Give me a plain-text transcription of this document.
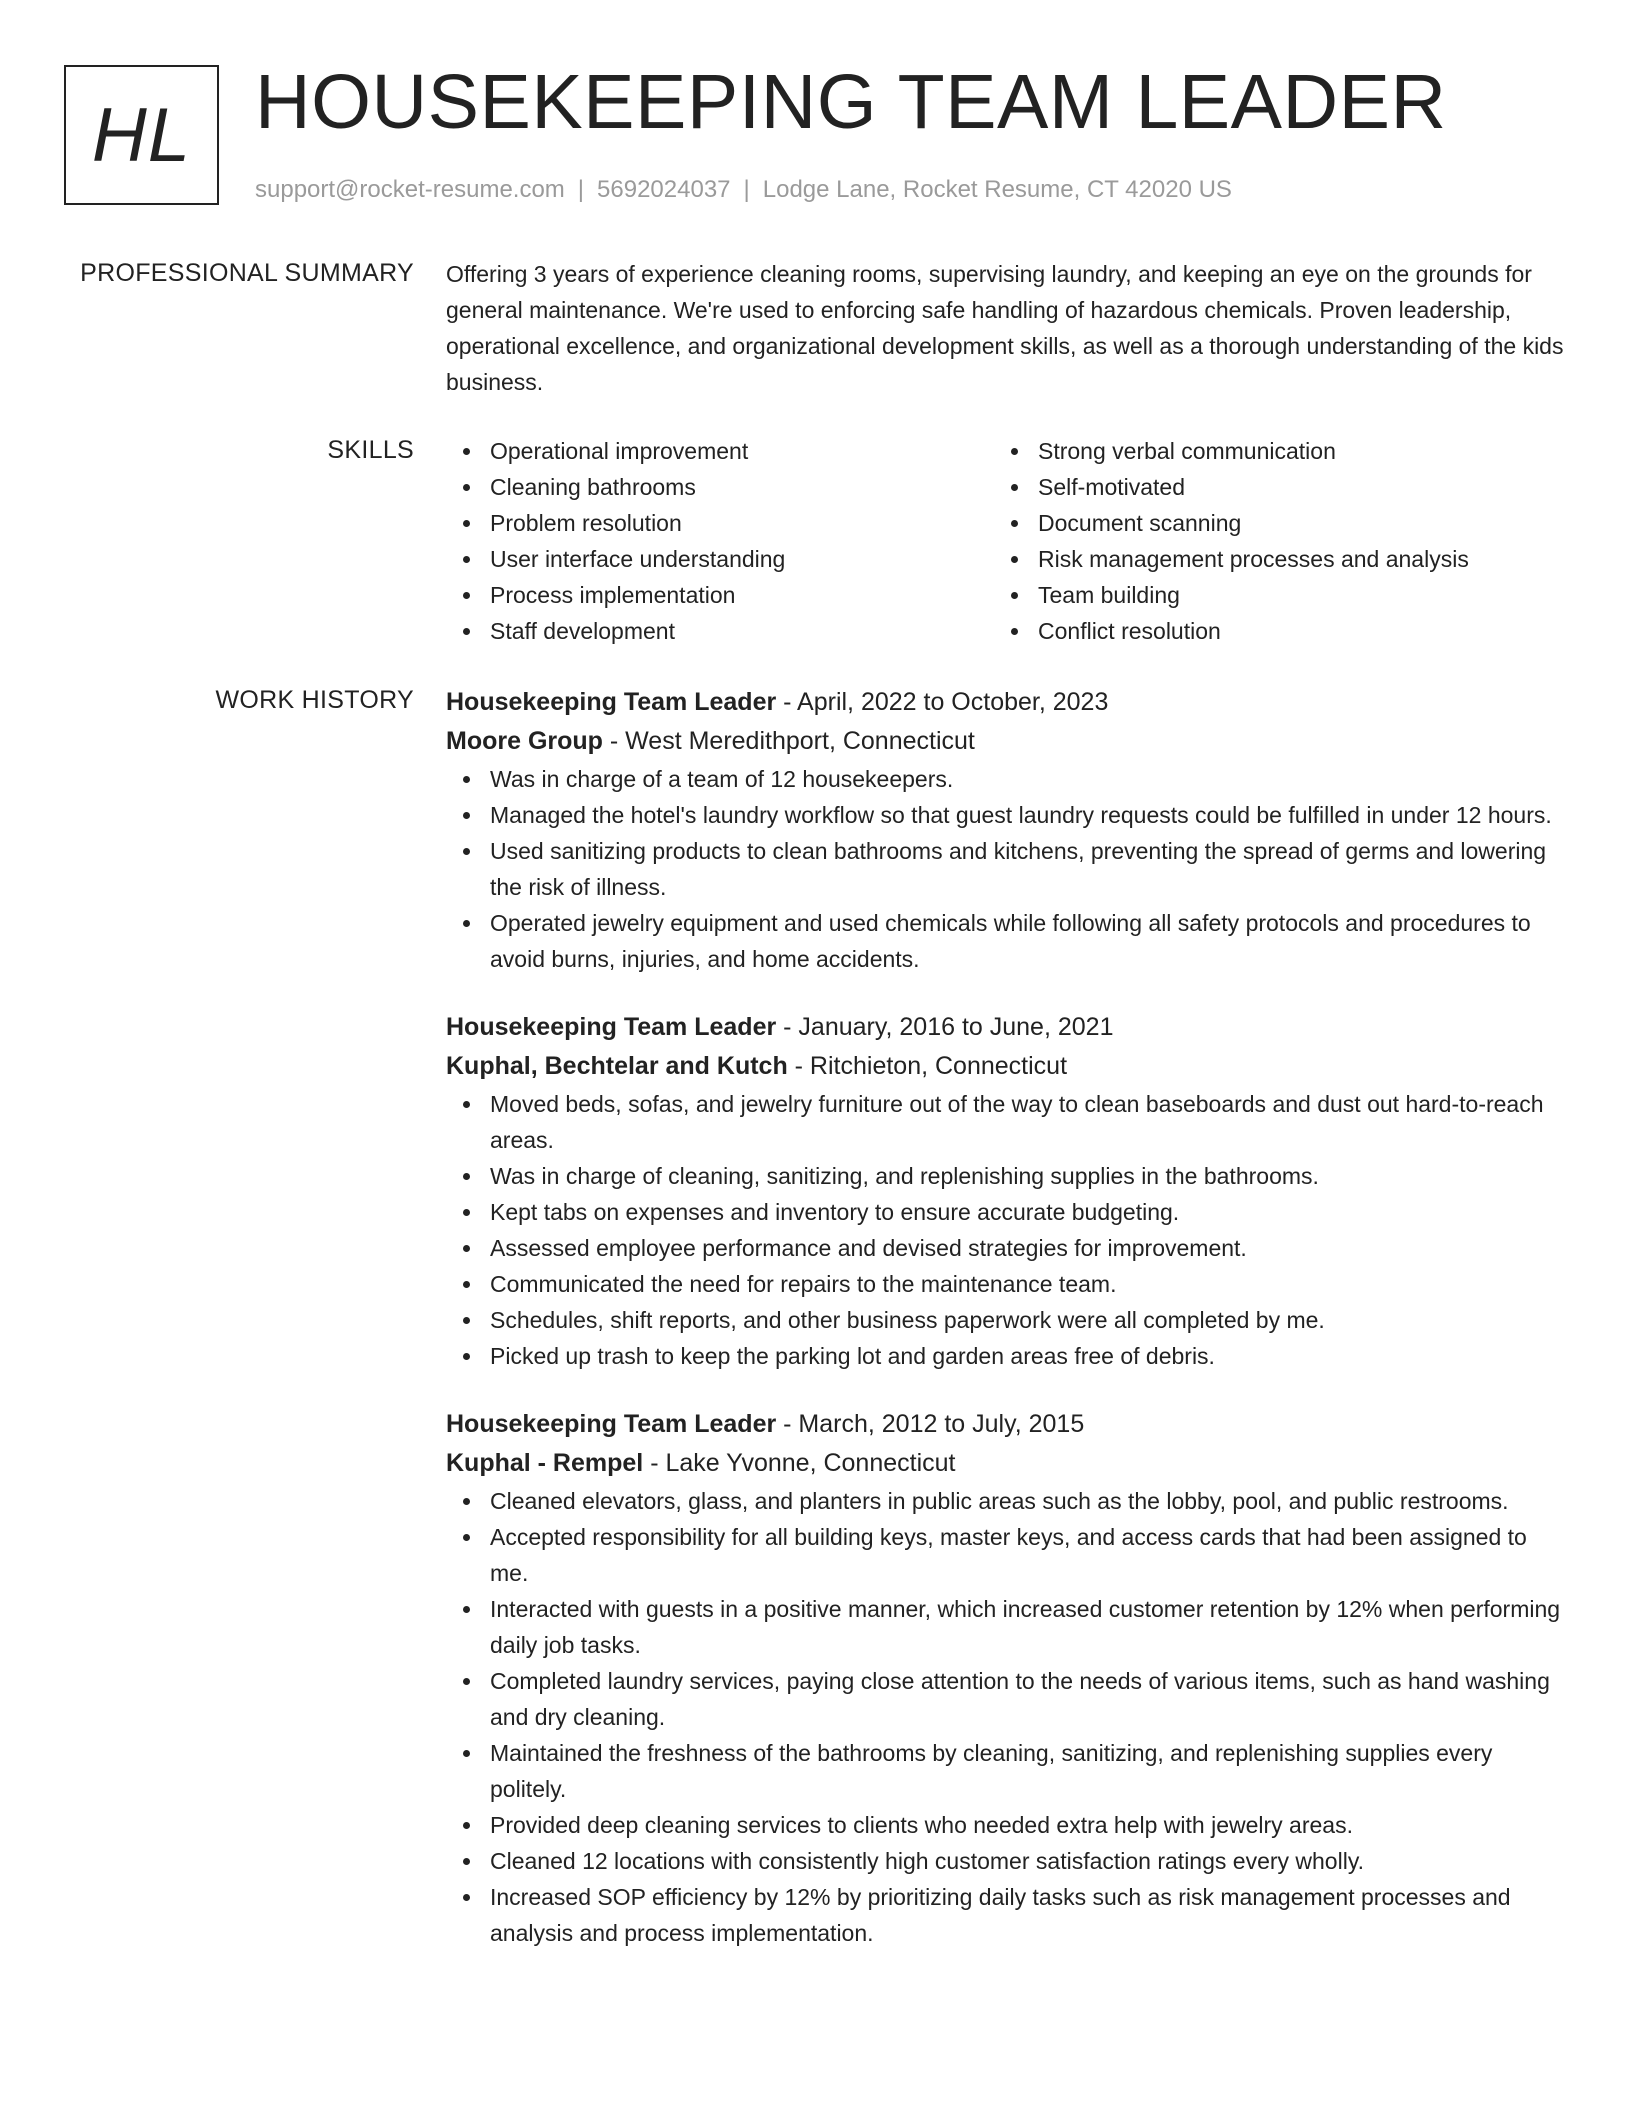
HL HOUSEKEEPING TEAM LEADER
support@rocket-resume.com | 5692024037 | Lodge Lane, Rocket Resume, CT 42020 US
PROFESSIONAL SUMMARY Offering 3 years of experience cleaning rooms, supervising laundry, and keeping an eye on the grounds for general maintenance. We're used to enforcing safe handling of hazardous chemicals. Proven leadership, operational excellence, and organizational development skills, as well as a thorough understanding of the kids business.

SKILLS	Operational improvement
Cleaning bathrooms
Problem resolution
User interface understanding
Process implementation
Staff development
Strong verbal communication
Self-motivated
Document scanning
Risk management processes and analysis
Team building
Conflict resolution
WORK HISTORY Housekeeping Team Leader - April, 2022 to October, 2023
Moore Group - West Meredithport, Connecticut
Was in charge of a team of 12 housekeepers.
Managed the hotel's laundry workflow so that guest laundry requests could be fulfilled in under 12 hours.
Used sanitizing products to clean bathrooms and kitchens, preventing the spread of germs and lowering the risk of illness.
Operated jewelry equipment and used chemicals while following all safety protocols and procedures to avoid burns, injuries, and home accidents.
Housekeeping Team Leader - January, 2016 to June, 2021
Kuphal, Bechtelar and Kutch - Ritchieton, Connecticut
Moved beds, sofas, and jewelry furniture out of the way to clean baseboards and dust out hard-to-reach areas.
Was in charge of cleaning, sanitizing, and replenishing supplies in the bathrooms.
Kept tabs on expenses and inventory to ensure accurate budgeting.
Assessed employee performance and devised strategies for improvement.
Communicated the need for repairs to the maintenance team.
Schedules, shift reports, and other business paperwork were all completed by me.
Picked up trash to keep the parking lot and garden areas free of debris.
Housekeeping Team Leader - March, 2012 to July, 2015
Kuphal - Rempel - Lake Yvonne, Connecticut
Cleaned elevators, glass, and planters in public areas such as the lobby, pool, and public restrooms.
Accepted responsibility for all building keys, master keys, and access cards that had been assigned to me.
Interacted with guests in a positive manner, which increased customer retention by 12% when performing daily job tasks.
Completed laundry services, paying close attention to the needs of various items, such as hand washing and dry cleaning.
Maintained the freshness of the bathrooms by cleaning, sanitizing, and replenishing supplies every politely.
Provided deep cleaning services to clients who needed extra help with jewelry areas.
Cleaned 12 locations with consistently high customer satisfaction ratings every wholly.
Increased SOP efficiency by 12% by prioritizing daily tasks such as risk management processes and analysis and process implementation.
